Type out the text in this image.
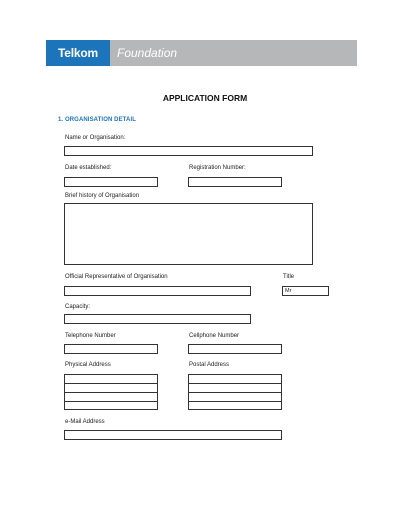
Telkom	Foundation
APPLICATION FORM
1. ORGANISATION DETAIL
Name or Organisation:
Date established:	Registration Number:
Brief history of Organisation
Official Representative of Organisation	Title
Mr
Capacity:
Telephone Number	Cellphone Number
Physical Address	Postal Address
e-Mail Address
